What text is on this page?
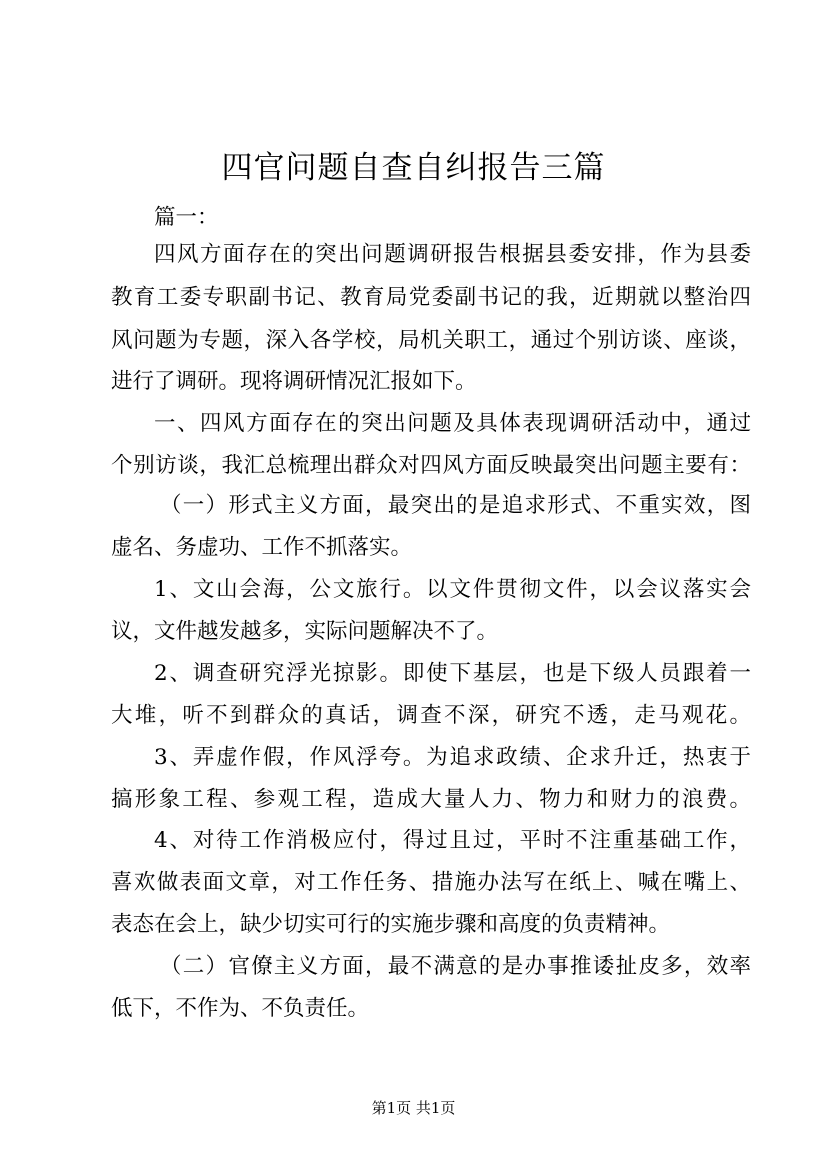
四官问题自查自纠报告三篇
篇一：
四风方面存在的突出问题调研报告根据县委安排，作为县委
教育工委专职副书记、教育局党委副书记的我，近期就以整治四
风问题为专题，深入各学校，局机关职工，通过个别访谈、座谈，
进行了调研。现将调研情况汇报如下。
一、四风方面存在的突出问题及具体表现调研活动中，通过
个别访谈，我汇总梳理出群众对四风方面反映最突出问题主要有：
（一）形式主义方面，最突出的是追求形式、不重实效，图
虚名、务虚功、工作不抓落实。
1、文山会海，公文旅行。以文件贯彻文件，以会议落实会
议，文件越发越多，实际问题解决不了。
2、调查研究浮光掠影。即使下基层，也是下级人员跟着一
大堆，听不到群众的真话，调查不深，研究不透，走马观花。
3、弄虚作假，作风浮夸。为追求政绩、企求升迁，热衷于
搞形象工程、参观工程，造成大量人力、物力和财力的浪费。
4、对待工作消极应付，得过且过，平时不注重基础工作，
喜欢做表面文章，对工作任务、措施办法写在纸上、喊在嘴上、
表态在会上，缺少切实可行的实施步骤和高度的负责精神。
（二）官僚主义方面，最不满意的是办事推诿扯皮多，效率
低下，不作为、不负责任。
第1页 共1页
